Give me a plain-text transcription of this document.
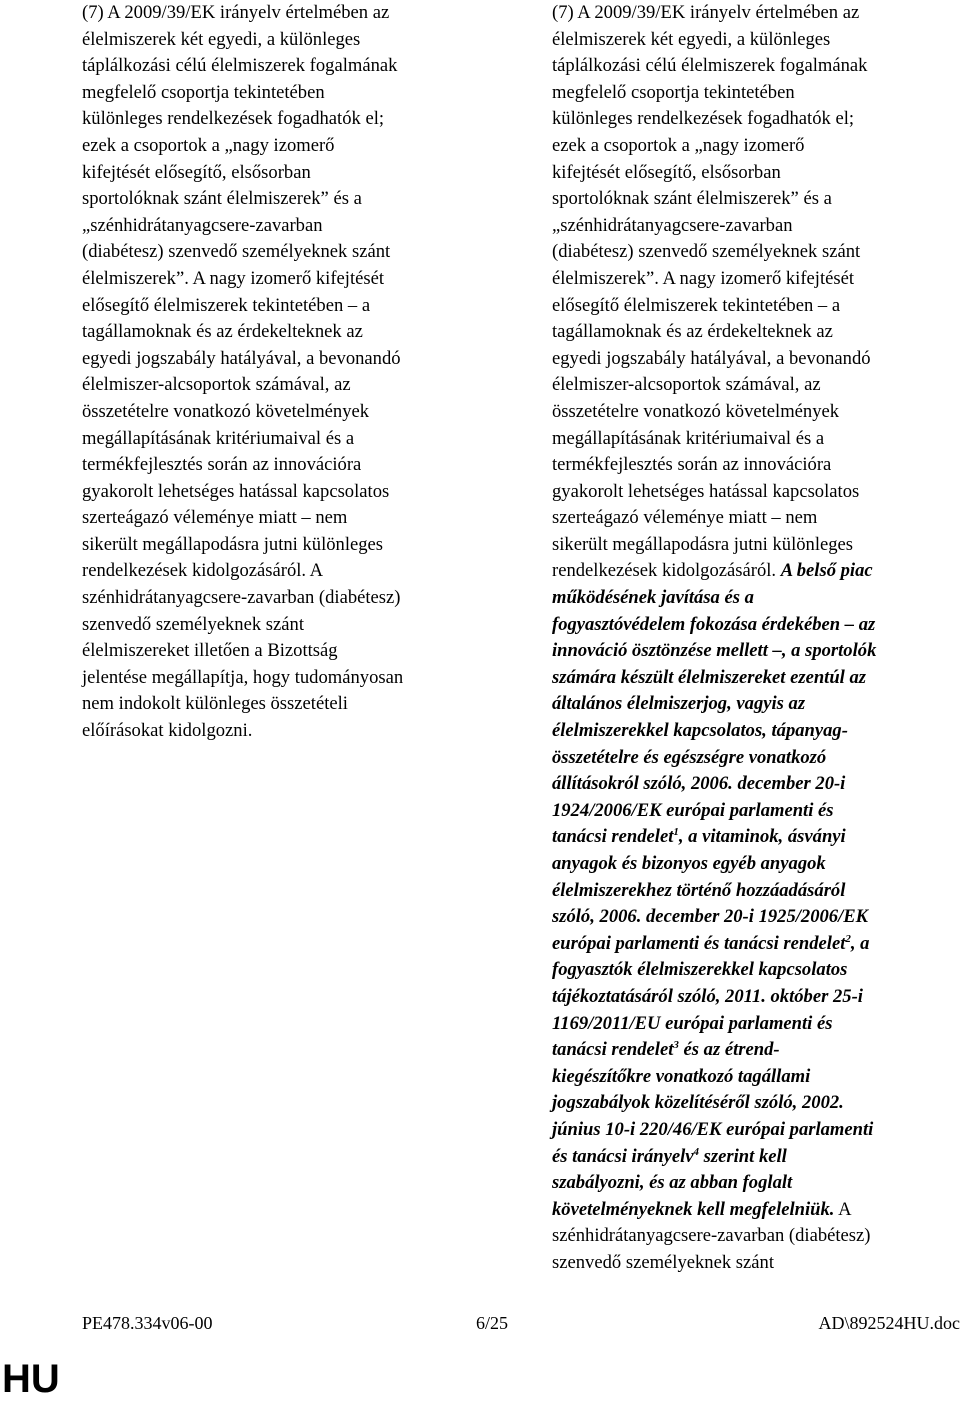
(7) A 2009/39/EK irányelv értelmében az
élelmiszerek két egyedi, a különleges
táplálkozási célú élelmiszerek fogalmának
megfelelő csoportja tekintetében
különleges rendelkezések fogadhatók el;
ezek a csoportok a „nagy izomerő
kifejtését elősegítő, elsősorban
sportolóknak szánt élelmiszerek” és a
„szénhidrátanyagcsere-zavarban
(diabétesz) szenvedő személyeknek szánt
élelmiszerek”. A nagy izomerő kifejtését
elősegítő élelmiszerek tekintetében – a
tagállamoknak és az érdekelteknek az
egyedi jogszabály hatályával, a bevonandó
élelmiszer-alcsoportok számával, az
összetételre vonatkozó követelmények
megállapításának kritériumaival és a
termékfejlesztés során az innovációra
gyakorolt lehetséges hatással kapcsolatos
szerteágazó véleménye miatt – nem
sikerült megállapodásra jutni különleges
rendelkezések kidolgozásáról. A
szénhidrátanyagcsere-zavarban (diabétesz)
szenvedő személyeknek szánt
élelmiszereket illetően a Bizottság
jelentése megállapítja, hogy tudományosan
nem indokolt különleges összetételi
előírásokat kidolgozni.
(7) A 2009/39/EK irányelv értelmében az
élelmiszerek két egyedi, a különleges
táplálkozási célú élelmiszerek fogalmának
megfelelő csoportja tekintetében
különleges rendelkezések fogadhatók el;
ezek a csoportok a „nagy izomerő
kifejtését elősegítő, elsősorban
sportolóknak szánt élelmiszerek” és a
„szénhidrátanyagcsere-zavarban
(diabétesz) szenvedő személyeknek szánt
élelmiszerek”. A nagy izomerő kifejtését
elősegítő élelmiszerek tekintetében – a
tagállamoknak és az érdekelteknek az
egyedi jogszabály hatályával, a bevonandó
élelmiszer-alcsoportok számával, az
összetételre vonatkozó követelmények
megállapításának kritériumaival és a
termékfejlesztés során az innovációra
gyakorolt lehetséges hatással kapcsolatos
szerteágazó véleménye miatt – nem
sikerült megállapodásra jutni különleges
rendelkezések kidolgozásáról. A belső piac
működésének javítása és a
fogyasztóvédelem fokozása érdekében – az
innováció ösztönzése mellett –, a sportolók
számára készült élelmiszereket ezentúl az
általános élelmiszerjog, vagyis az
élelmiszerekkel kapcsolatos, tápanyag-
összetételre és egészségre vonatkozó
állításokról szóló, 2006. december 20-i
1924/2006/EK európai parlamenti és
tanácsi rendelet$^1$, a vitaminok, ásványi
anyagok és bizonyos egyéb anyagok
élelmiszerekhez történő hozzáadásáról
szóló, 2006. december 20-i 1925/2006/EK
európai parlamenti és tanácsi rendelet$^2$, a
fogyasztók élelmiszerekkel kapcsolatos
tájékoztatásáról szóló, 2011. október 25-i
1169/2011/EU európai parlamenti és
tanácsi rendelet$^3$ és az étrend-
kiegészítőkre vonatkozó tagállami
jogszabályok közelítéséről szóló, 2002.
június 10-i 220/46/EK európai parlamenti
és tanácsi irányelv$^4$ szerint kell
szabályozni, és az abban foglalt
követelményeknek kell megfelelniük. A
szénhidrátanyagcsere-zavarban (diabétesz)
szenvedő személyeknek szánt
PE478.334v06-00	6/25	AD\892524HU.doc
HU
